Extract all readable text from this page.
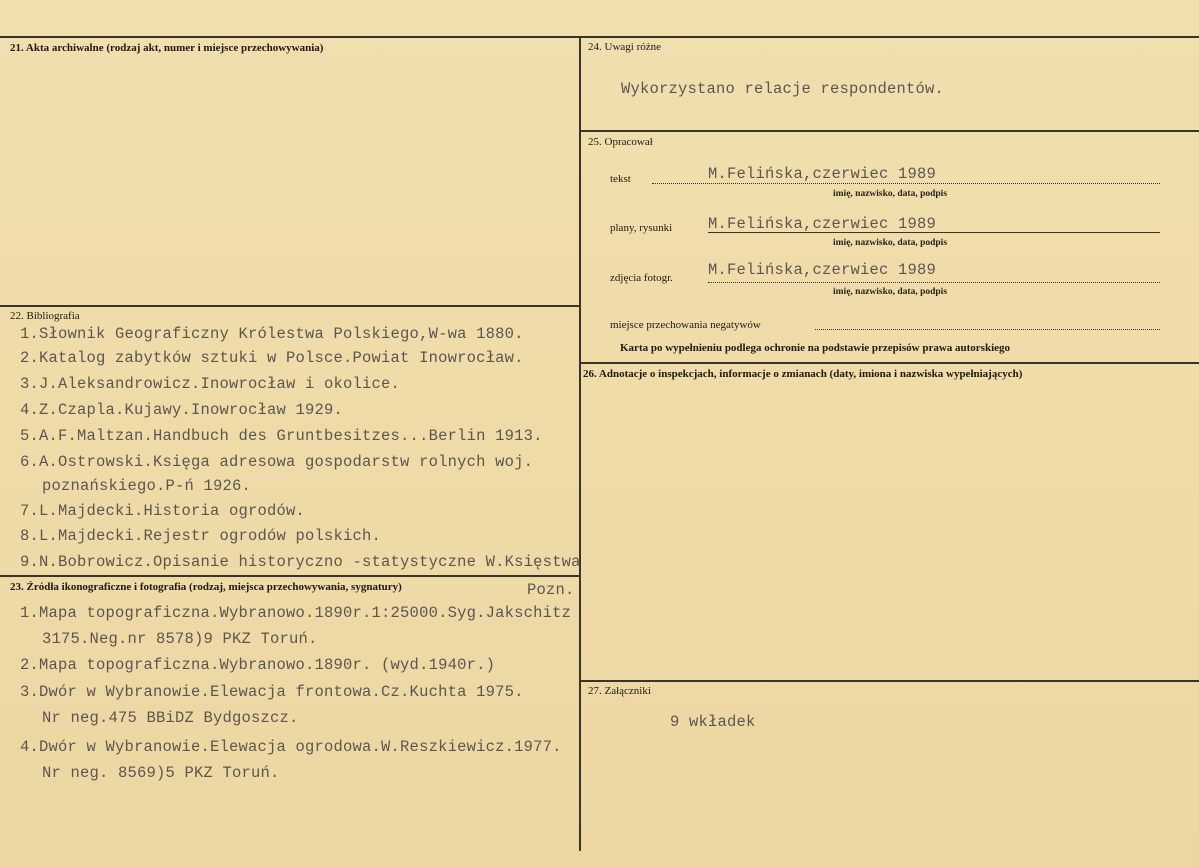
21. Akta archiwalne (rodzaj akt, numer i miejsce przechowywania)
22. Bibliografia
1.Słownik Geograficzny Królestwa Polskiego,W-wa 1880.
2.Katalog zabytków sztuki w Polsce.Powiat Inowrocław.
3.J.Aleksandrowicz.Inowrocław i okolice.
4.Z.Czapla.Kujawy.Inowrocław 1929.
5.A.F.Maltzan.Handbuch des Gruntbesitzes...Berlin 1913.
6.A.Ostrowski.Księga adresowa gospodarstw rolnych woj.
poznańskiego.P-ń 1926.
7.L.Majdecki.Historia ogrodów.
8.L.Majdecki.Rejestr ogrodów polskich.
9.N.Bobrowicz.Opisanie historyczno -statystyczne W.Księstwa
23. Źródła ikonograficzne i fotografia (rodzaj, miejsca przechowywania, sygnatury)	Pozn.
1.Mapa topograficzna.Wybranowo.1890r.1:25000.Syg.Jakschitz
3175.Neg.nr 8578)9 PKZ Toruń.
2.Mapa topograficzna.Wybranowo.1890r. (wyd.1940r.)
3.Dwór w Wybranowie.Elewacja frontowa.Cz.Kuchta 1975.
Nr neg.475 BBiDZ Bydgoszcz.
4.Dwór w Wybranowie.Elewacja ogrodowa.W.Reszkiewicz.1977.
Nr neg. 8569)5 PKZ Toruń.
24. Uwagi różne
Wykorzystano relacje respondentów.
25. Opracował
tekst	M.Felińska,czerwiec 1989
imię, nazwisko, data, podpis
plany, rysunki M.Felińska,czerwiec 1989
imię, nazwisko, data, podpis
zdjęcia fotogr. M.Felińska,czerwiec 1989
imię, nazwisko, data, podpis
miejsce przechowania negatywów
Karta po wypełnieniu podlega ochronie na podstawie przepisów prawa autorskiego
26. Adnotacje o inspekcjach, informacje o zmianach (daty, imiona i nazwiska wypełniających)
27. Załączniki
9 wkładek
